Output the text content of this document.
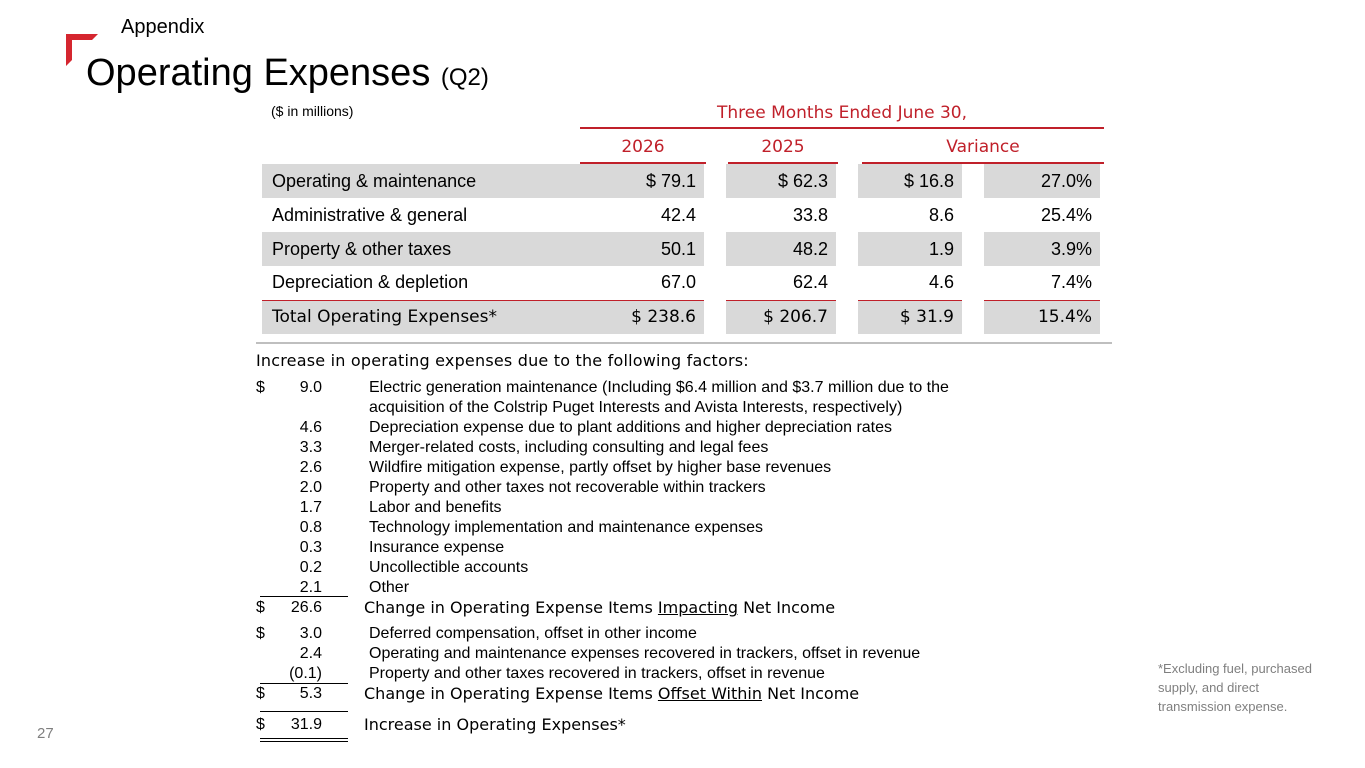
Appendix
Operating Expenses (Q2)
($ in millions)	Three Months Ended June 30,
2026	2025	Variance
Operating & maintenance	$ 79.1		$ 62.3		$ 16.8		27.0%
Administrative & general	42.4		33.8		8.6		25.4%
Property & other taxes	50.1		48.2		1.9		3.9%
Depreciation & depletion	67.0		62.4		4.6		7.4%
Total Operating Expenses*	$ 238.6		$ 206.7		$ 31.9		15.4%
Increase in operating expenses due to the following factors:
$	9.0	Electric generation maintenance (Including $6.4 million and $3.7 million due to the
acquisition of the Colstrip Puget Interests and Avista Interests, respectively)
4.6	Depreciation expense due to plant additions and higher depreciation rates
3.3	Merger-related costs, including consulting and legal fees
2.6	Wildfire mitigation expense, partly offset by higher base revenues
2.0	Property and other taxes not recoverable within trackers
1.7	Labor and benefits
0.8	Technology implementation and maintenance expenses
0.3	Insurance expense
0.2	Uncollectible accounts
2.1	Other
$	26.6	Change in Operating Expense Items Impacting Net Income
$	3.0	Deferred compensation, offset in other income
2.4	Operating and maintenance expenses recovered in trackers, offset in revenue
(0.1)	Property and other taxes recovered in trackers, offset in revenue
$	5.3	Change in Operating Expense Items Offset Within Net Income
$	31.9	Increase in Operating Expenses*
*Excluding fuel, purchased supply, and direct transmission expense.
27
